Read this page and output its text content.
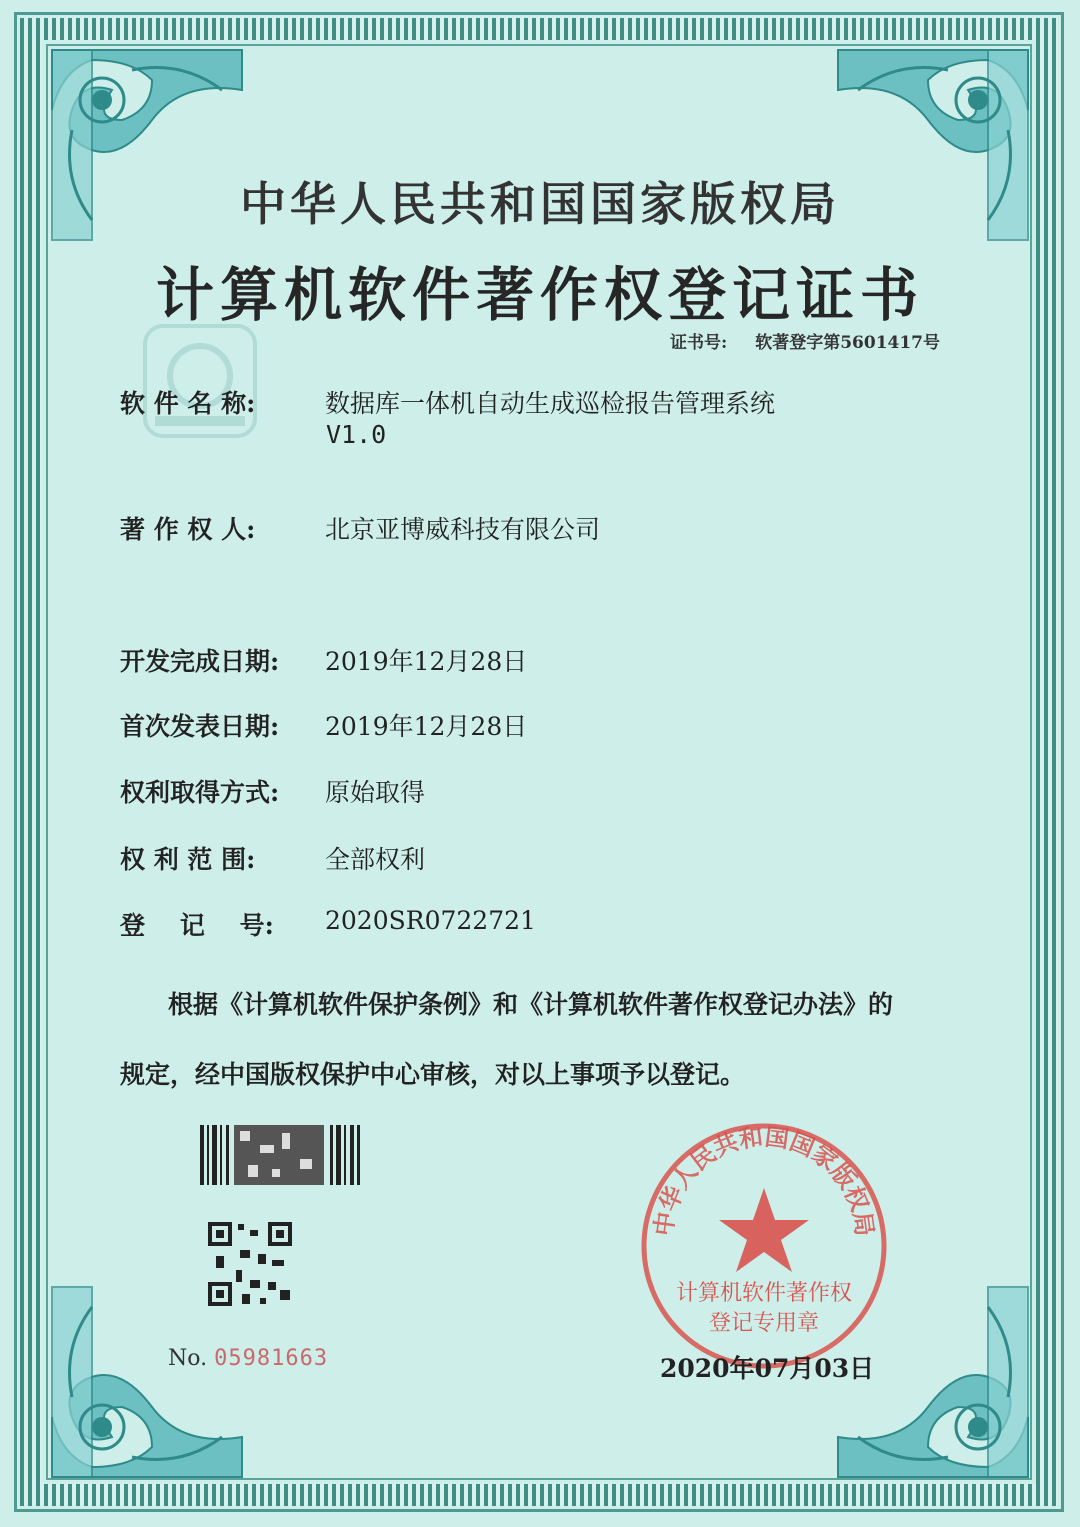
中华人民共和国国家版权局
计算机软件著作权登记证书
证书号: 软著登字第5601417号
软 件 名 称:	数据库一体机自动生成巡检报告管理系统
V1.0
著 作 权 人:	北京亚博威科技有限公司
开发完成日期: 2019年12月28日
首次发表日期: 2019年12月28日
权利取得方式: 原始取得
权 利 范 围:	全部权利
登    记    号: 2020SR0722721
根据《计算机软件保护条例》和《计算机软件著作权登记办法》的
规定，经中国版权保护中心审核，对以上事项予以登记。
No. 05981663
中华人民共和国国家版权局
计算机软件著作权
登记专用章
2020年07月03日
